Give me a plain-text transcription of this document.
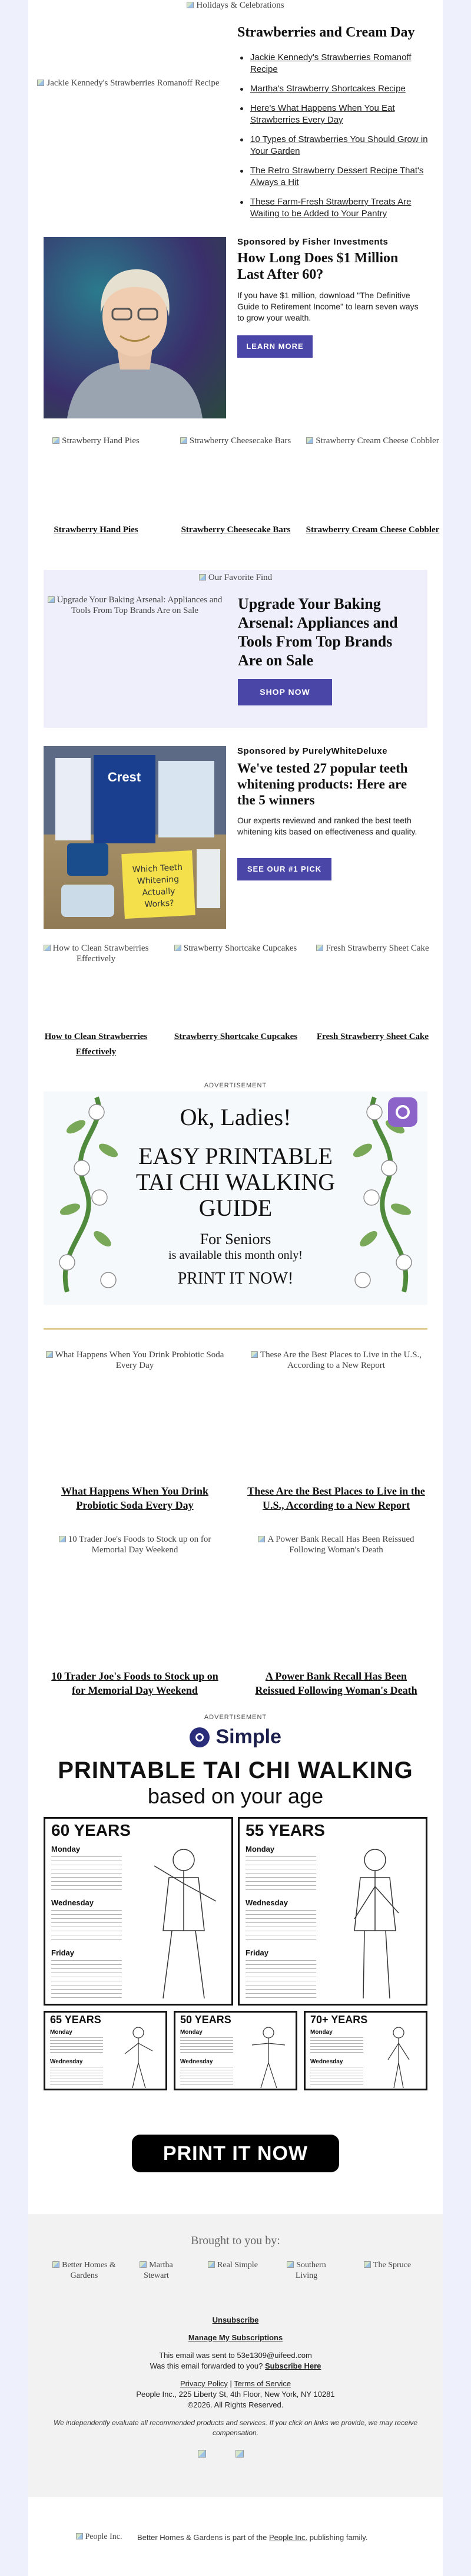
Holidays & Celebrations
Jackie Kennedy's Strawberries Romanoff Recipe
Strawberries and Cream Day
Jackie Kennedy's Strawberries Romanoff Recipe
Martha's Strawberry Shortcakes Recipe
Here's What Happens When You Eat Strawberries Every Day
10 Types of Strawberries You Should Grow in Your Garden
The Retro Strawberry Dessert Recipe That's Always a Hit
These Farm-Fresh Strawberry Treats Are Waiting to be Added to Your Pantry
Sponsored by Fisher Investments
How Long Does $1 Million Last After 60?
If you have $1 million, download "The Definitive Guide to Retirement Income" to learn seven ways to grow your wealth.
LEARN MORE
Strawberry Hand Pies	Strawberry Cheesecake Bars	Strawberry Cream Cheese Cobbler
Strawberry Hand Pies	Strawberry Cheesecake Bars	Strawberry Cream Cheese Cobbler
Our Favorite Find
Upgrade Your Baking Arsenal: Appliances and Tools From Top Brands Are on Sale	Upgrade Your Baking Arsenal: Appliances and Tools From Top Brands Are on Sale
SHOP NOW
Crest
Which Teeth Whitening Actually Works?
Sponsored by PurelyWhiteDeluxe
We've tested 27 popular teeth whitening products: Here are the 5 winners
Our experts reviewed and ranked the best teeth whitening kits based on effectiveness and quality.
SEE OUR #1 PICK
How to Clean Strawberries Effectively
Strawberry Shortcake Cupcakes	Fresh Strawberry Sheet Cake
How to Clean Strawberries Effectively
Strawberry Shortcake Cupcakes	Fresh Strawberry Sheet Cake
ADVERTISEMENT
Ok, Ladies!
EASY PRINTABLE
TAI CHI WALKING
GUIDE
For Seniors
is available this month only!
PRINT IT NOW!
What Happens When You Drink Probiotic Soda Every Day
These Are the Best Places to Live in the U.S., According to a New Report
What Happens When You Drink Probiotic Soda Every Day
These Are the Best Places to Live in the U.S., According to a New Report
10 Trader Joe's Foods to Stock up on for Memorial Day Weekend
A Power Bank Recall Has Been Reissued Following Woman's Death
10 Trader Joe's Foods to Stock up on for Memorial Day Weekend
A Power Bank Recall Has Been Reissued Following Woman's Death
ADVERTISEMENT
Simple
PRINTABLE TAI CHI WALKING
based on your age
60 YEARS
Monday
Wednesday
Friday
55 YEARS
Monday
Wednesday
Friday
65 YEARS
Monday
Wednesday
50 YEARS
Monday
Wednesday
70+ YEARS
Monday
Wednesday
PRINT IT NOW
Brought to you by:
Better Homes & Gardens
Martha Stewart
Real Simple	Southern Living
The Spruce
Unsubscribe
Manage My Subscriptions
This email was sent to 53e1309@uifeed.com
Was this email forwarded to you? Subscribe Here
Privacy Policy | Terms of Service
People Inc., 225 Liberty St, 4th Floor, New York, NY 10281
©2026. All Rights Reserved.
We independently evaluate all recommended products and services. If you click on links we provide, we may receive compensation.
People Inc.	Better Homes & Gardens is part of the People Inc. publishing family.
